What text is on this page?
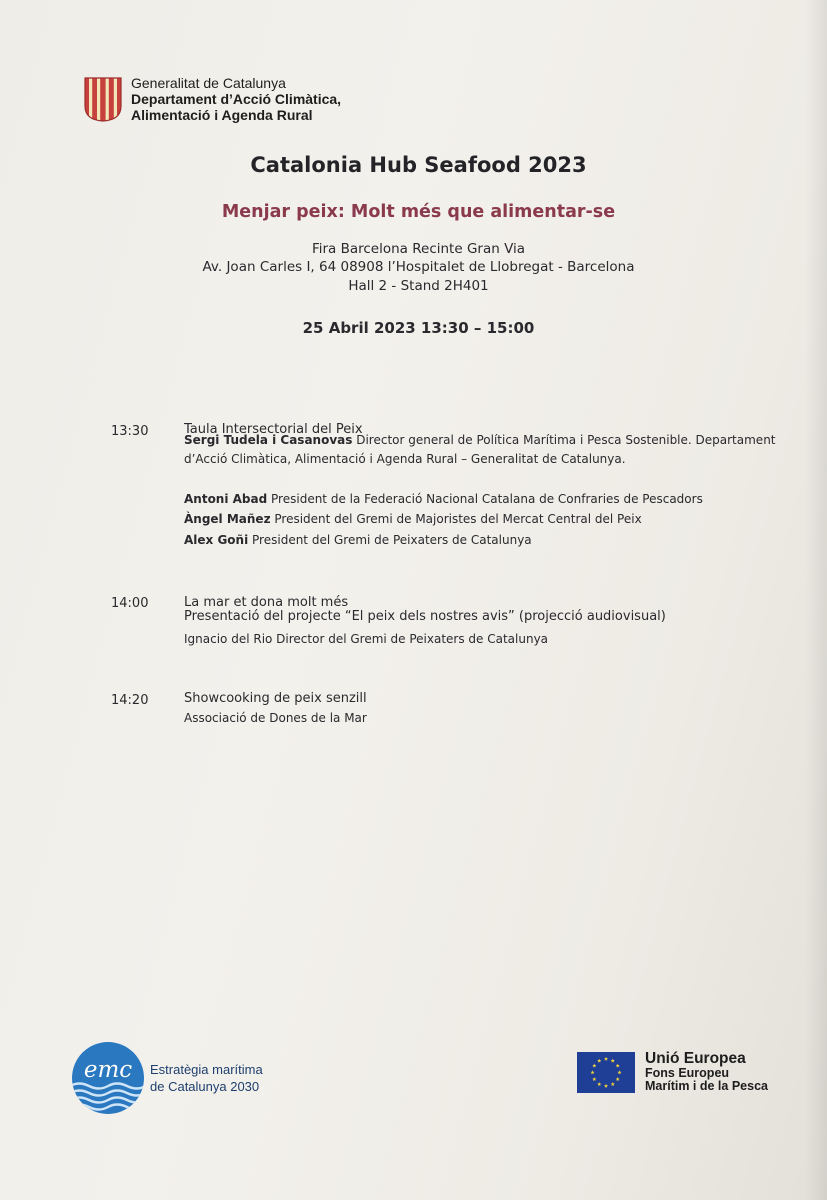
Generalitat de Catalunya
Departament d’Acció Climàtica,
Alimentació i Agenda Rural
Catalonia Hub Seafood 2023
Menjar peix: Molt més que alimentar-se
Fira Barcelona Recinte Gran Via
Av. Joan Carles I, 64 08908 l’Hospitalet de Llobregat - Barcelona
Hall 2 - Stand 2H401
25 Abril 2023 13:30 – 15:00
13:30	Taula Intersectorial del Peix
Sergi Tudela i Casanovas Director general de Política Marítima i Pesca Sostenible. Departament
d’Acció Climàtica, Alimentació i Agenda Rural – Generalitat de Catalunya.
Antoni Abad President de la Federació Nacional Catalana de Confraries de Pescadors
Àngel Mañez President del Gremi de Majoristes del Mercat Central del Peix
Alex Goñi President del Gremi de Peixaters de Catalunya
14:00	La mar et dona molt més
Presentació del projecte “El peix dels nostres avis” (projecció audiovisual)
Ignacio del Rio Director del Gremi de Peixaters de Catalunya
14:20	Showcooking de peix senzill
Associació de Dones de la Mar
emc Estratègia marítima
de Catalunya 2030
Unió Europea
Fons Europeu
Marítim i de la Pesca
